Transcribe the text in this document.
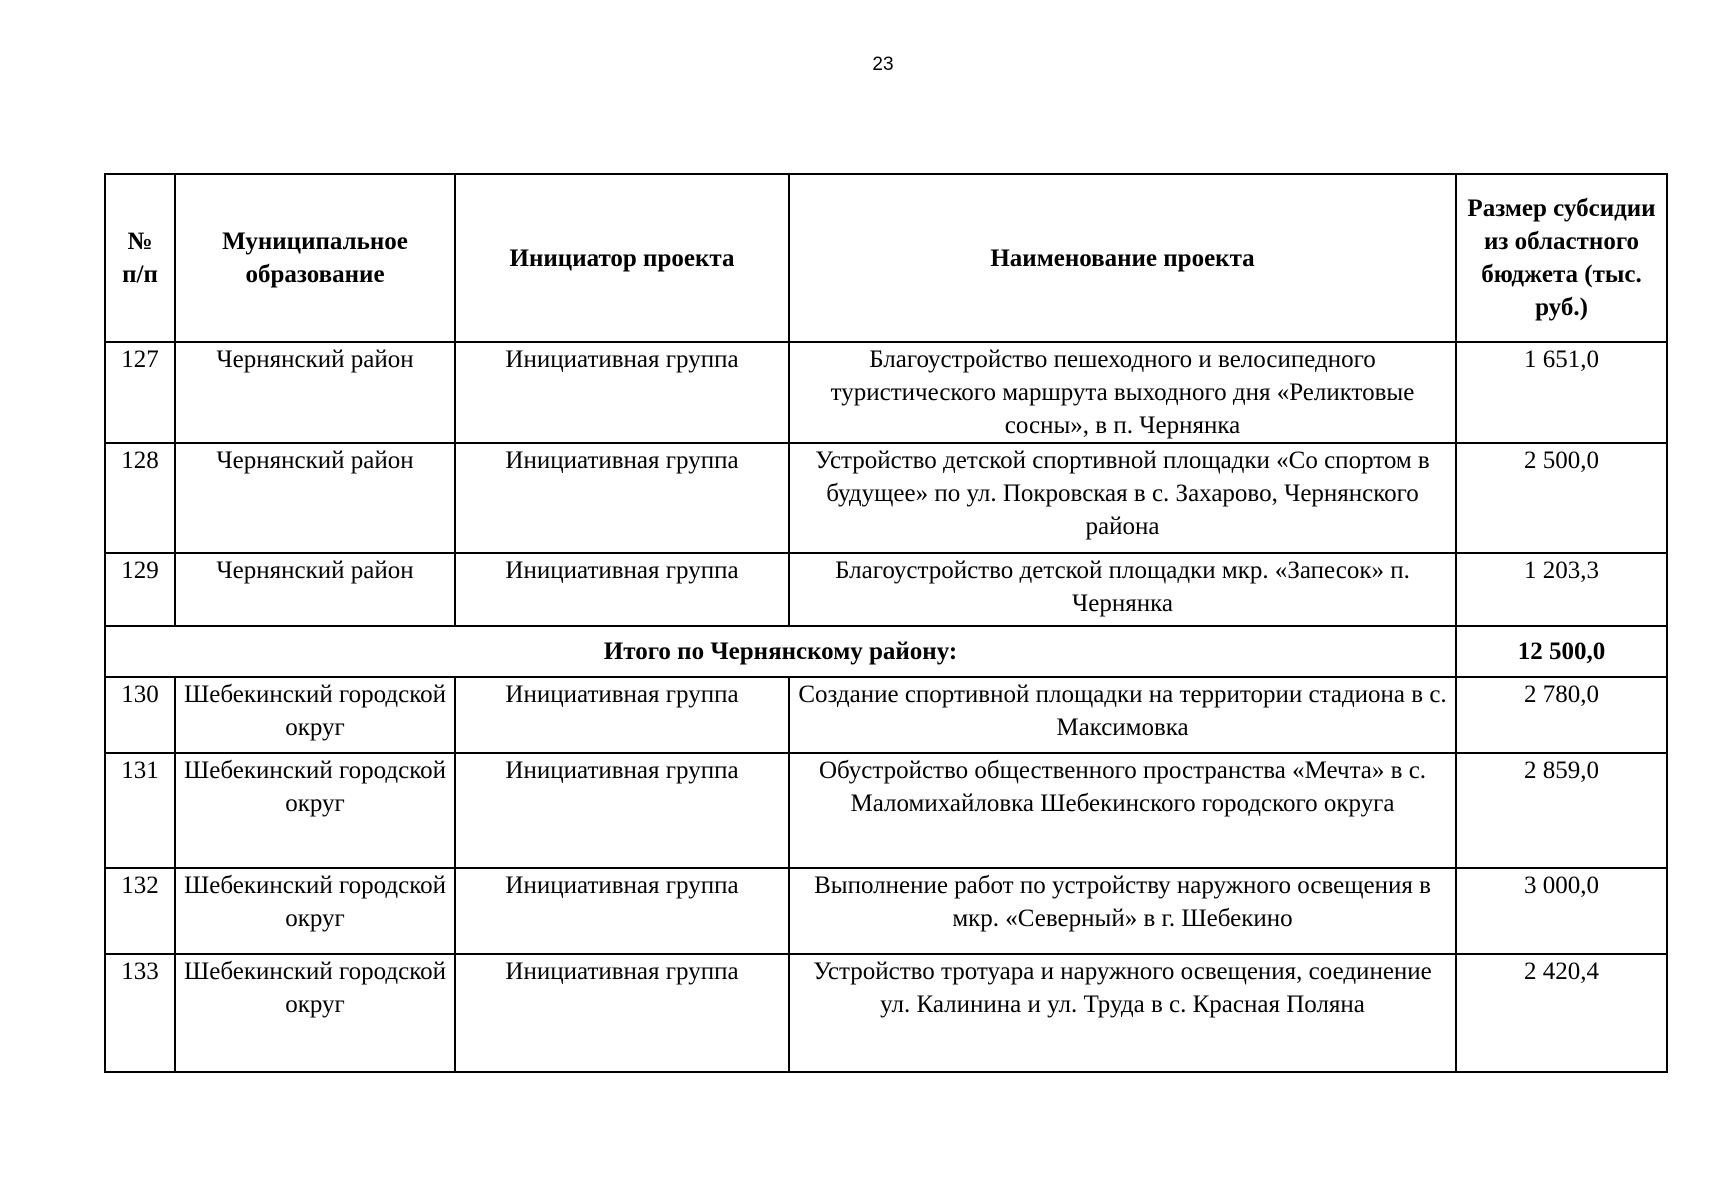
23
№ п/п	Муниципальное образование	Инициатор проекта	Наименование проекта	Размер субсидии из областного бюджета (тыс. руб.)
127	Чернянский район	Инициативная группа	Благоустройство пешеходного и велосипедного туристического маршрута выходного дня «Реликтовые сосны», в п. Чернянка	1 651,0
128	Чернянский район	Инициативная группа	Устройство детской спортивной площадки «Со спортом в будущее» по ул. Покровская в с. Захарово, Чернянского района	2 500,0
129	Чернянский район	Инициативная группа	Благоустройство детской площадки мкр. «Запесок» п. Чернянка	1 203,3
Итого по Чернянскому району:				12 500,0
130	Шебекинский городской округ	Инициативная группа	Создание спортивной площадки на территории стадиона в с. Максимовка	2 780,0
131	Шебекинский городской округ	Инициативная группа	Обустройство общественного пространства «Мечта» в с. Маломихайловка Шебекинского городского округа	2 859,0
132	Шебекинский городской округ	Инициативная группа	Выполнение работ по устройству наружного освещения в мкр. «Северный» в г. Шебекино	3 000,0
133	Шебекинский городской округ	Инициативная группа	Устройство тротуара и наружного освещения, соединение ул. Калинина и ул. Труда в с. Красная Поляна	2 420,4
